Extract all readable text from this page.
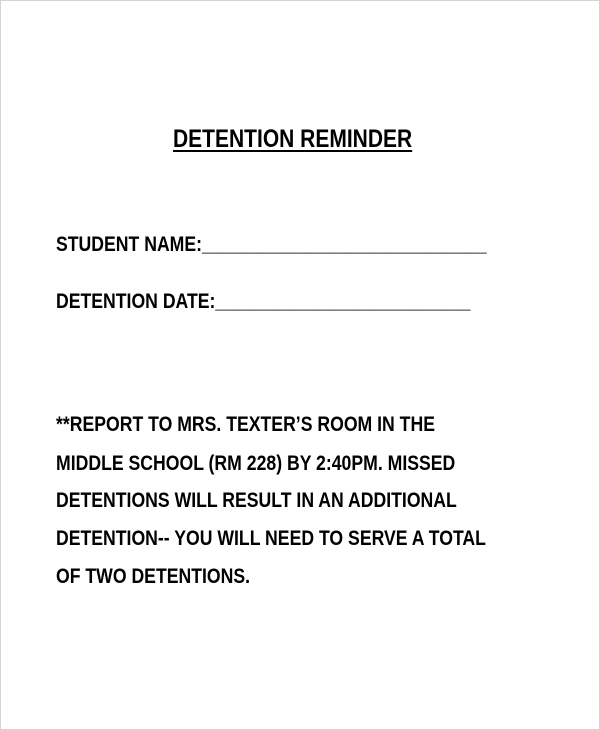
DETENTION REMINDER
STUDENT NAME:_____________________________
DETENTION DATE:__________________________
**REPORT TO MRS. TEXTER’S ROOM IN THE
MIDDLE SCHOOL (RM 228) BY 2:40PM. MISSED
DETENTIONS WILL RESULT IN AN ADDITIONAL
DETENTION-- YOU WILL NEED TO SERVE A TOTAL
OF TWO DETENTIONS.
